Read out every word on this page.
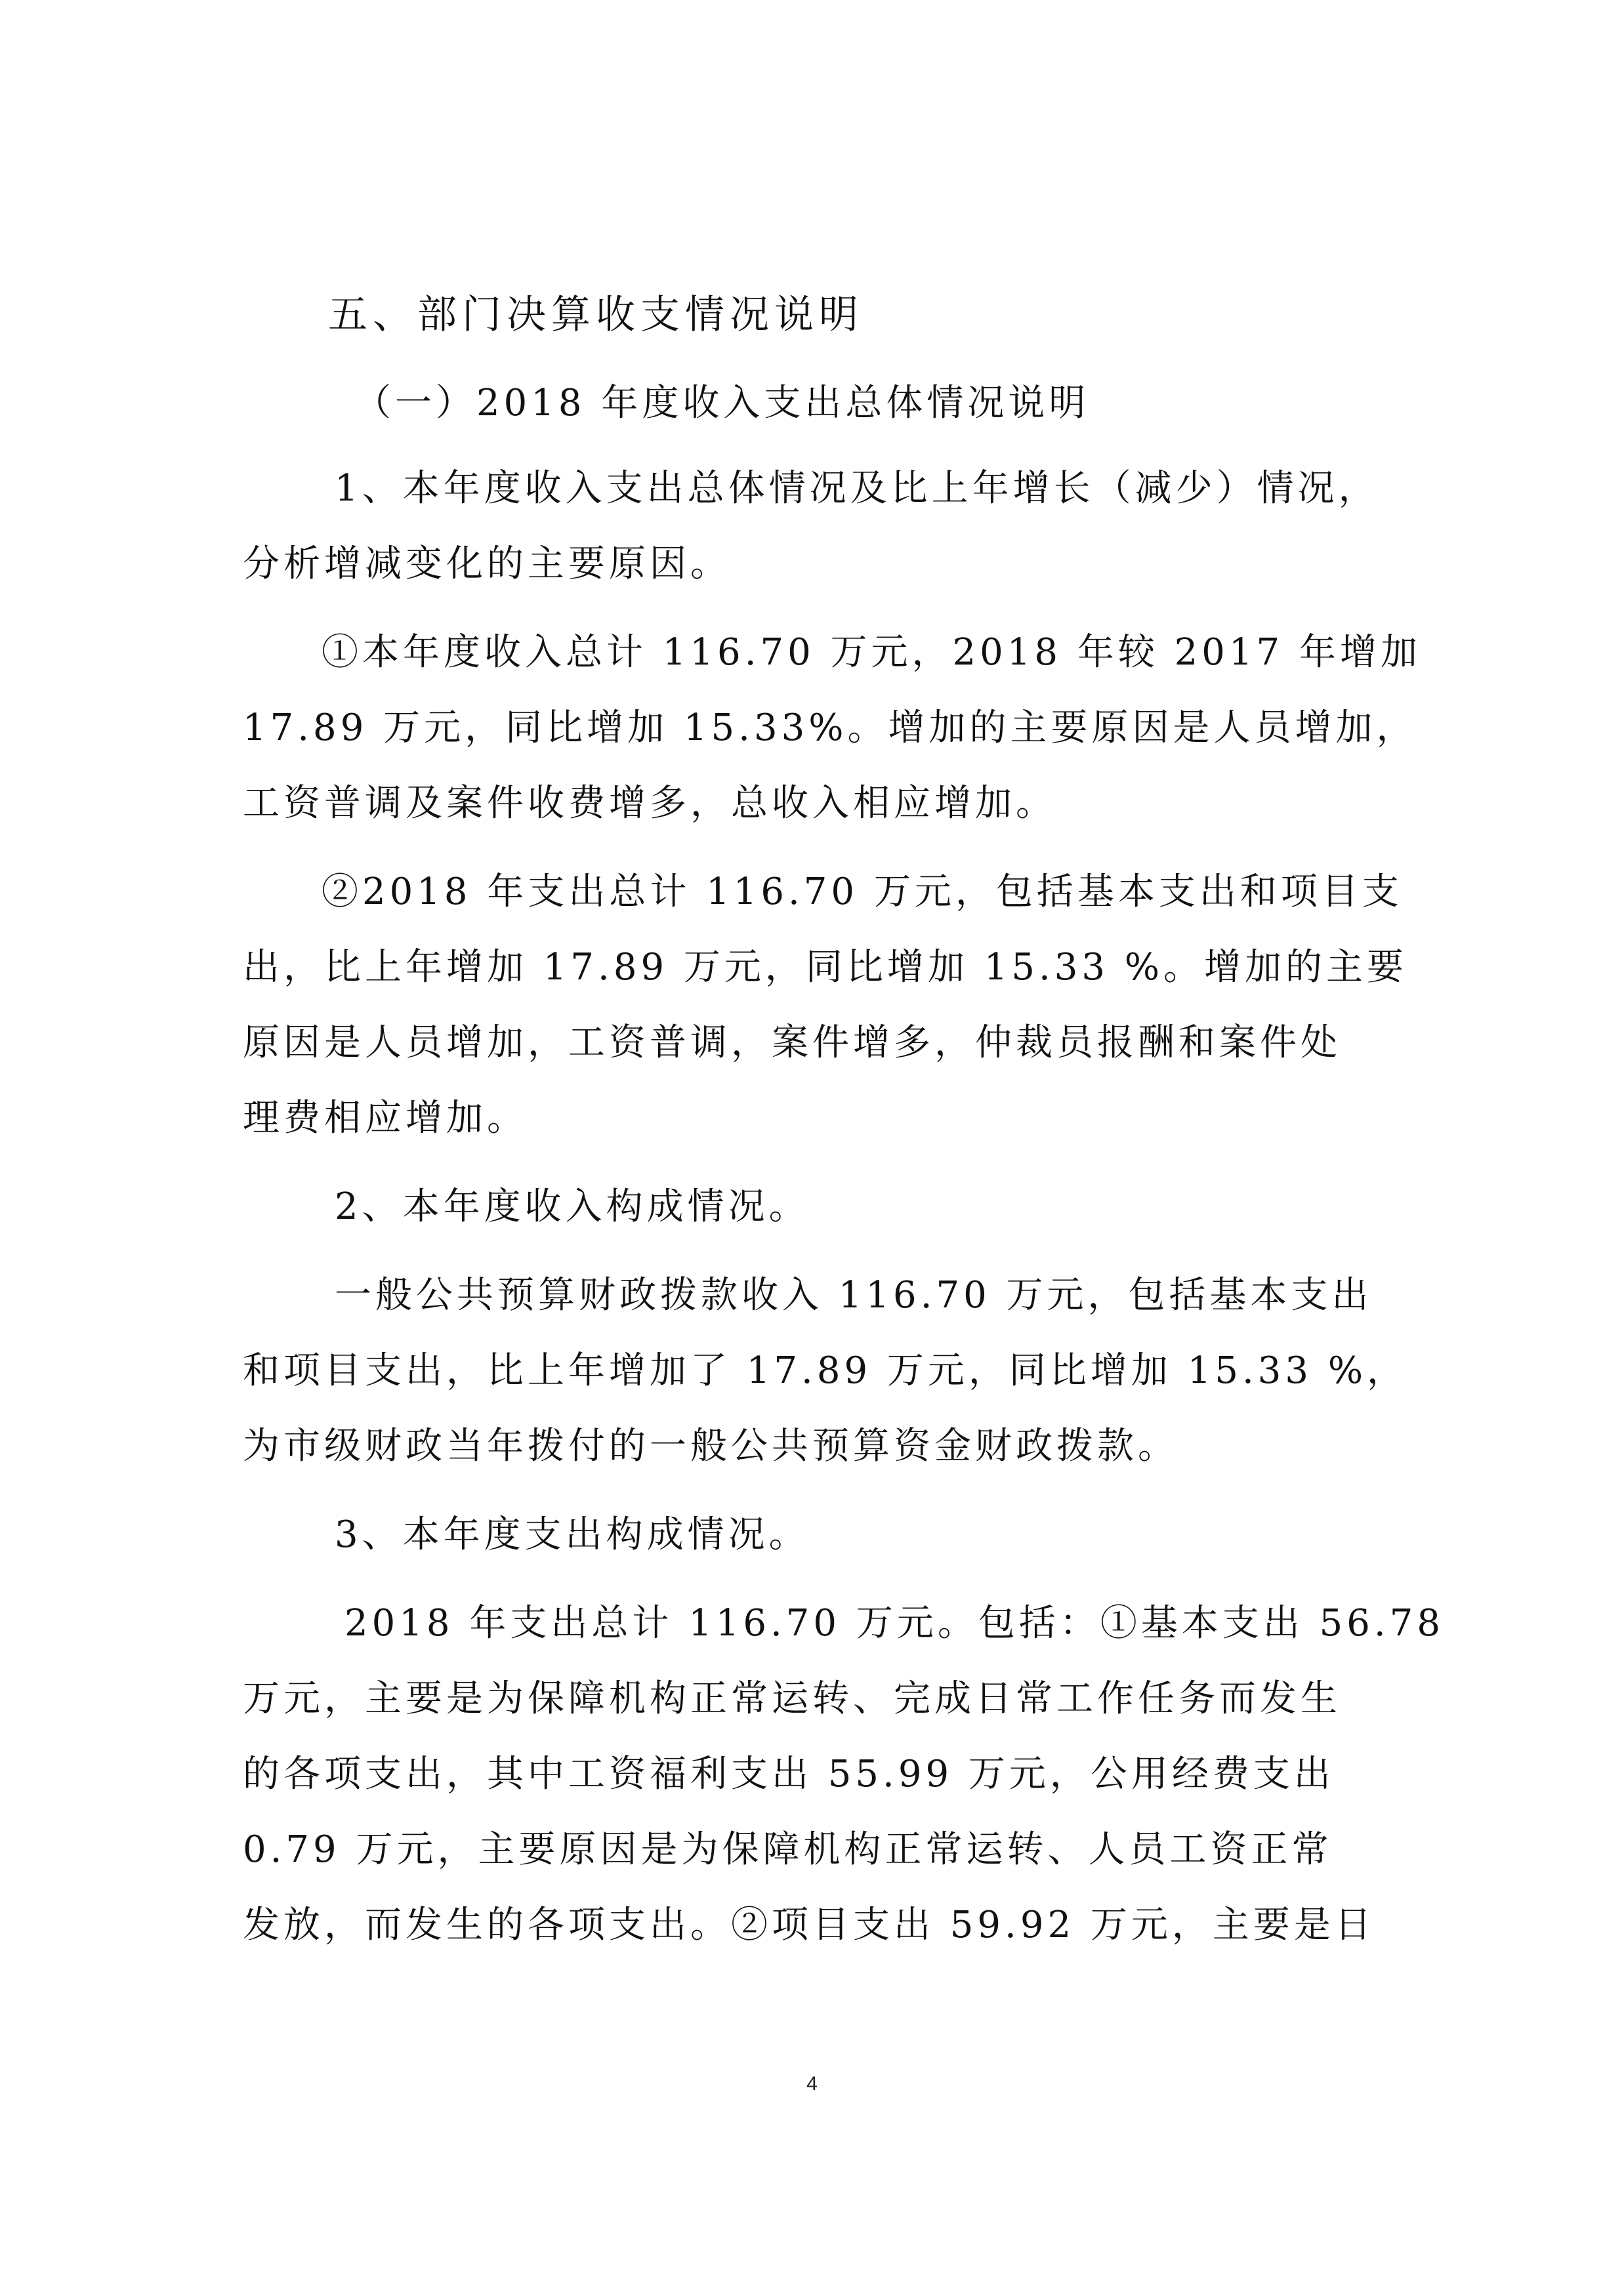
五、部门决算收支情况说明
（一）2018 年度收入支出总体情况说明
1、本年度收入支出总体情况及比上年增长（减少）情况，
分析增减变化的主要原因。
①本年度收入总计 116.70 万元，2018 年较 2017 年增加
17.89 万元，同比增加 15.33%。增加的主要原因是人员增加，
工资普调及案件收费增多，总收入相应增加。
②2018 年支出总计 116.70 万元，包括基本支出和项目支
出，比上年增加 17.89 万元，同比增加 15.33 %。增加的主要
原因是人员增加，工资普调，案件增多，仲裁员报酬和案件处
理费相应增加。
2、本年度收入构成情况。
一般公共预算财政拨款收入 116.70 万元，包括基本支出
和项目支出，比上年增加了 17.89 万元，同比增加 15.33 %，
为市级财政当年拨付的一般公共预算资金财政拨款。
3、本年度支出构成情况。
2018 年支出总计 116.70 万元。包括：①基本支出 56.78
万元，主要是为保障机构正常运转、完成日常工作任务而发生
的各项支出，其中工资福利支出 55.99 万元，公用经费支出
0.79 万元，主要原因是为保障机构正常运转、人员工资正常
发放，而发生的各项支出。②项目支出 59.92 万元，主要是日
4
